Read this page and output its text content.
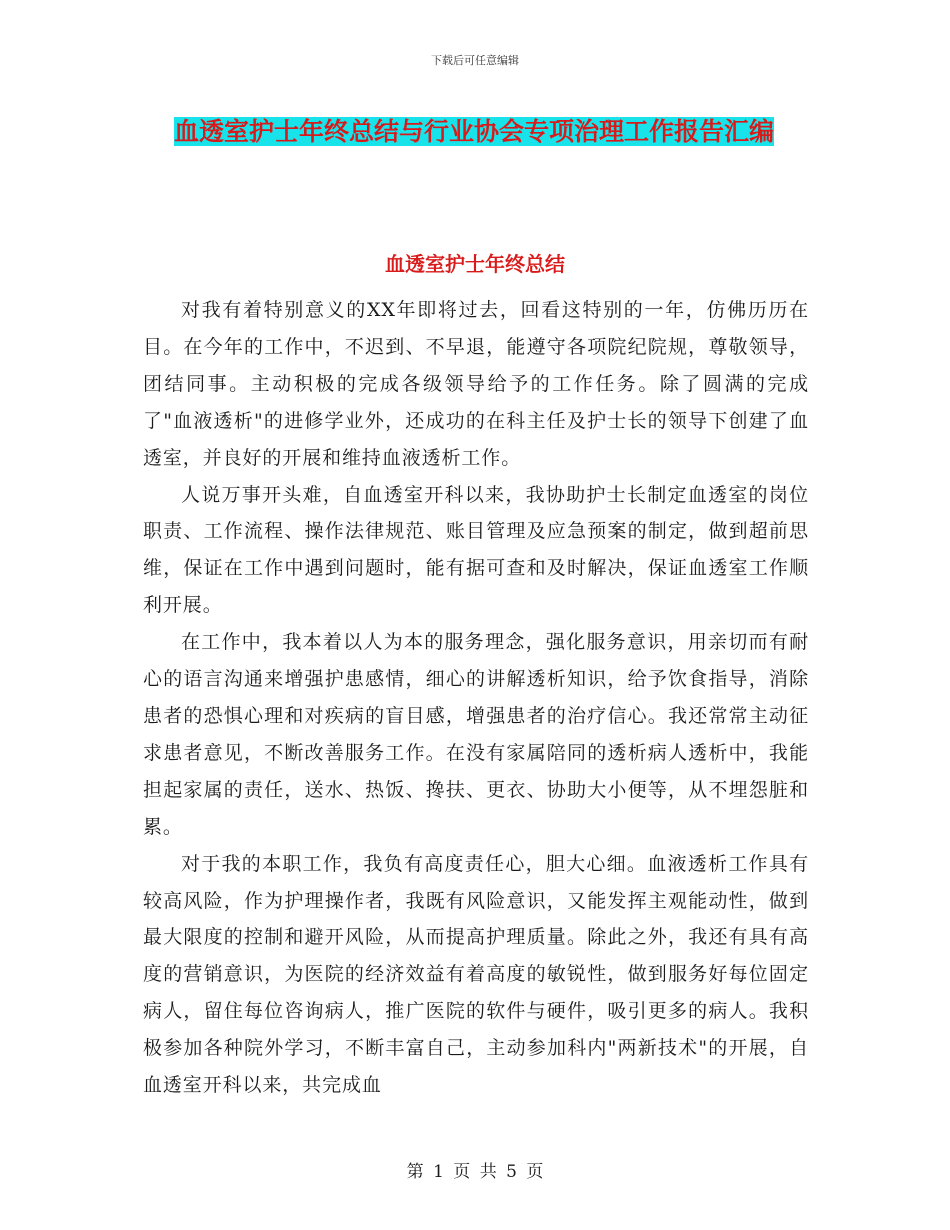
下载后可任意编辑
血透室护士年终总结与行业协会专项治理工作报告汇编
血透室护士年终总结

对我有着特别意义的XX年即将过去，回看这特别的一年，仿佛历历在目。在今年的工作中，不迟到、不早退，能遵守各项院纪院规，尊敬领导，团结同事。主动积极的完成各级领导给予的工作任务。除了圆满的完成了"血液透析"的进修学业外，还成功的在科主任及护士长的领导下创建了血透室，并良好的开展和维持血液透析工作。

人说万事开头难，自血透室开科以来，我协助护士长制定血透室的岗位职责、工作流程、操作法律规范、账目管理及应急预案的制定，做到超前思维，保证在工作中遇到问题时，能有据可查和及时解决，保证血透室工作顺利开展。

在工作中，我本着以人为本的服务理念，强化服务意识，用亲切而有耐心的语言沟通来增强护患感情，细心的讲解透析知识，给予饮食指导，消除患者的恐惧心理和对疾病的盲目感，增强患者的治疗信心。我还常常主动征求患者意见，不断改善服务工作。在没有家属陪同的透析病人透析中，我能担起家属的责任，送水、热饭、搀扶、更衣、协助大小便等，从不埋怨脏和累。

对于我的本职工作，我负有高度责任心，胆大心细。血液透析工作具有较高风险，作为护理操作者，我既有风险意识，又能发挥主观能动性，做到最大限度的控制和避开风险，从而提高护理质量。除此之外，我还有具有高度的营销意识，为医院的经济效益有着高度的敏锐性，做到服务好每位固定病人，留住每位咨询病人，推广医院的软件与硬件，吸引更多的病人。我积极参加各种院外学习，不断丰富自己，主动参加科内"两新技术"的开展，自血透室开科以来，共完成血

第 1 页 共 5 页
